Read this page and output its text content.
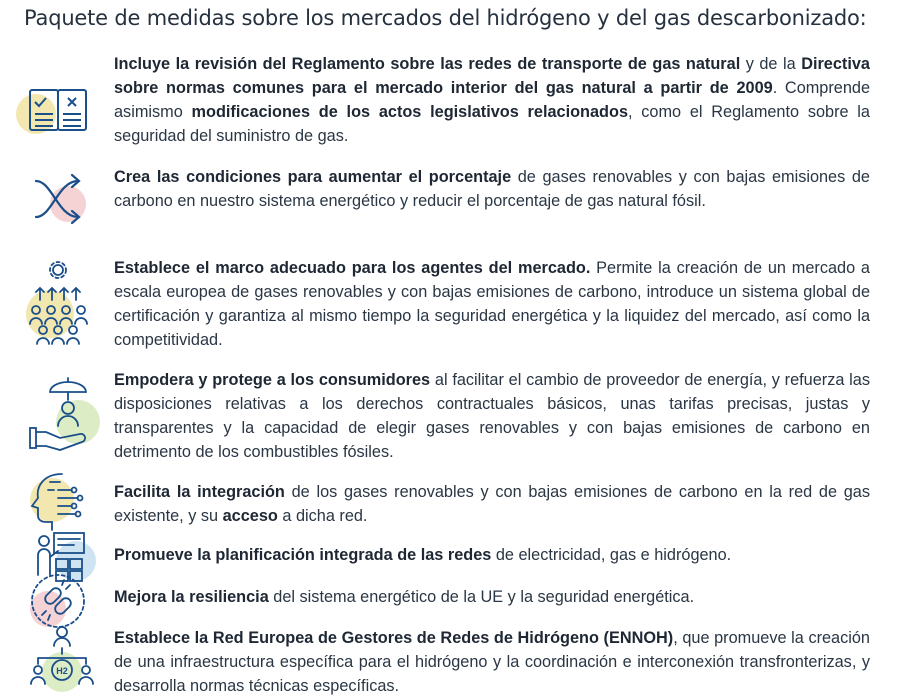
Paquete de medidas sobre los mercados del hidrógeno y del gas descarbonizado:
Incluye la revisión del Reglamento sobre las redes de transporte de gas natural y de la Directiva sobre normas comunes para el mercado interior del gas natural a partir de 2009. Comprende asimismo modificaciones de los actos legislativos relacionados, como el Reglamento sobre la seguridad del suministro de gas.
Crea las condiciones para aumentar el porcentaje de gases renovables y con bajas emisiones de carbono en nuestro sistema energético y reducir el porcentaje de gas natural fósil.
Establece el marco adecuado para los agentes del mercado. Permite la creación de un mercado a escala europea de gases renovables y con bajas emisiones de carbono, introduce un sistema global de certificación y garantiza al mismo tiempo la seguridad energética y la liquidez del mercado, así como la competitividad.
Empodera y protege a los consumidores al facilitar el cambio de proveedor de energía, y refuerza las disposiciones relativas a los derechos contractuales básicos, unas tarifas precisas, justas y transparentes y la capacidad de elegir gases renovables y con bajas emisiones de carbono en detrimento de los combustibles fósiles.
Facilita la integración de los gases renovables y con bajas emisiones de carbono en la red de gas existente, y su acceso a dicha red.
Promueve la planificación integrada de las redes de electricidad, gas e hidrógeno.
Mejora la resiliencia del sistema energético de la UE y la seguridad energética.
H2
Establece la Red Europea de Gestores de Redes de Hidrógeno (ENNOH), que promueve la creación de una infraestructura específica para el hidrógeno y la coordinación e interconexión transfronterizas, y desarrolla normas técnicas específicas.
